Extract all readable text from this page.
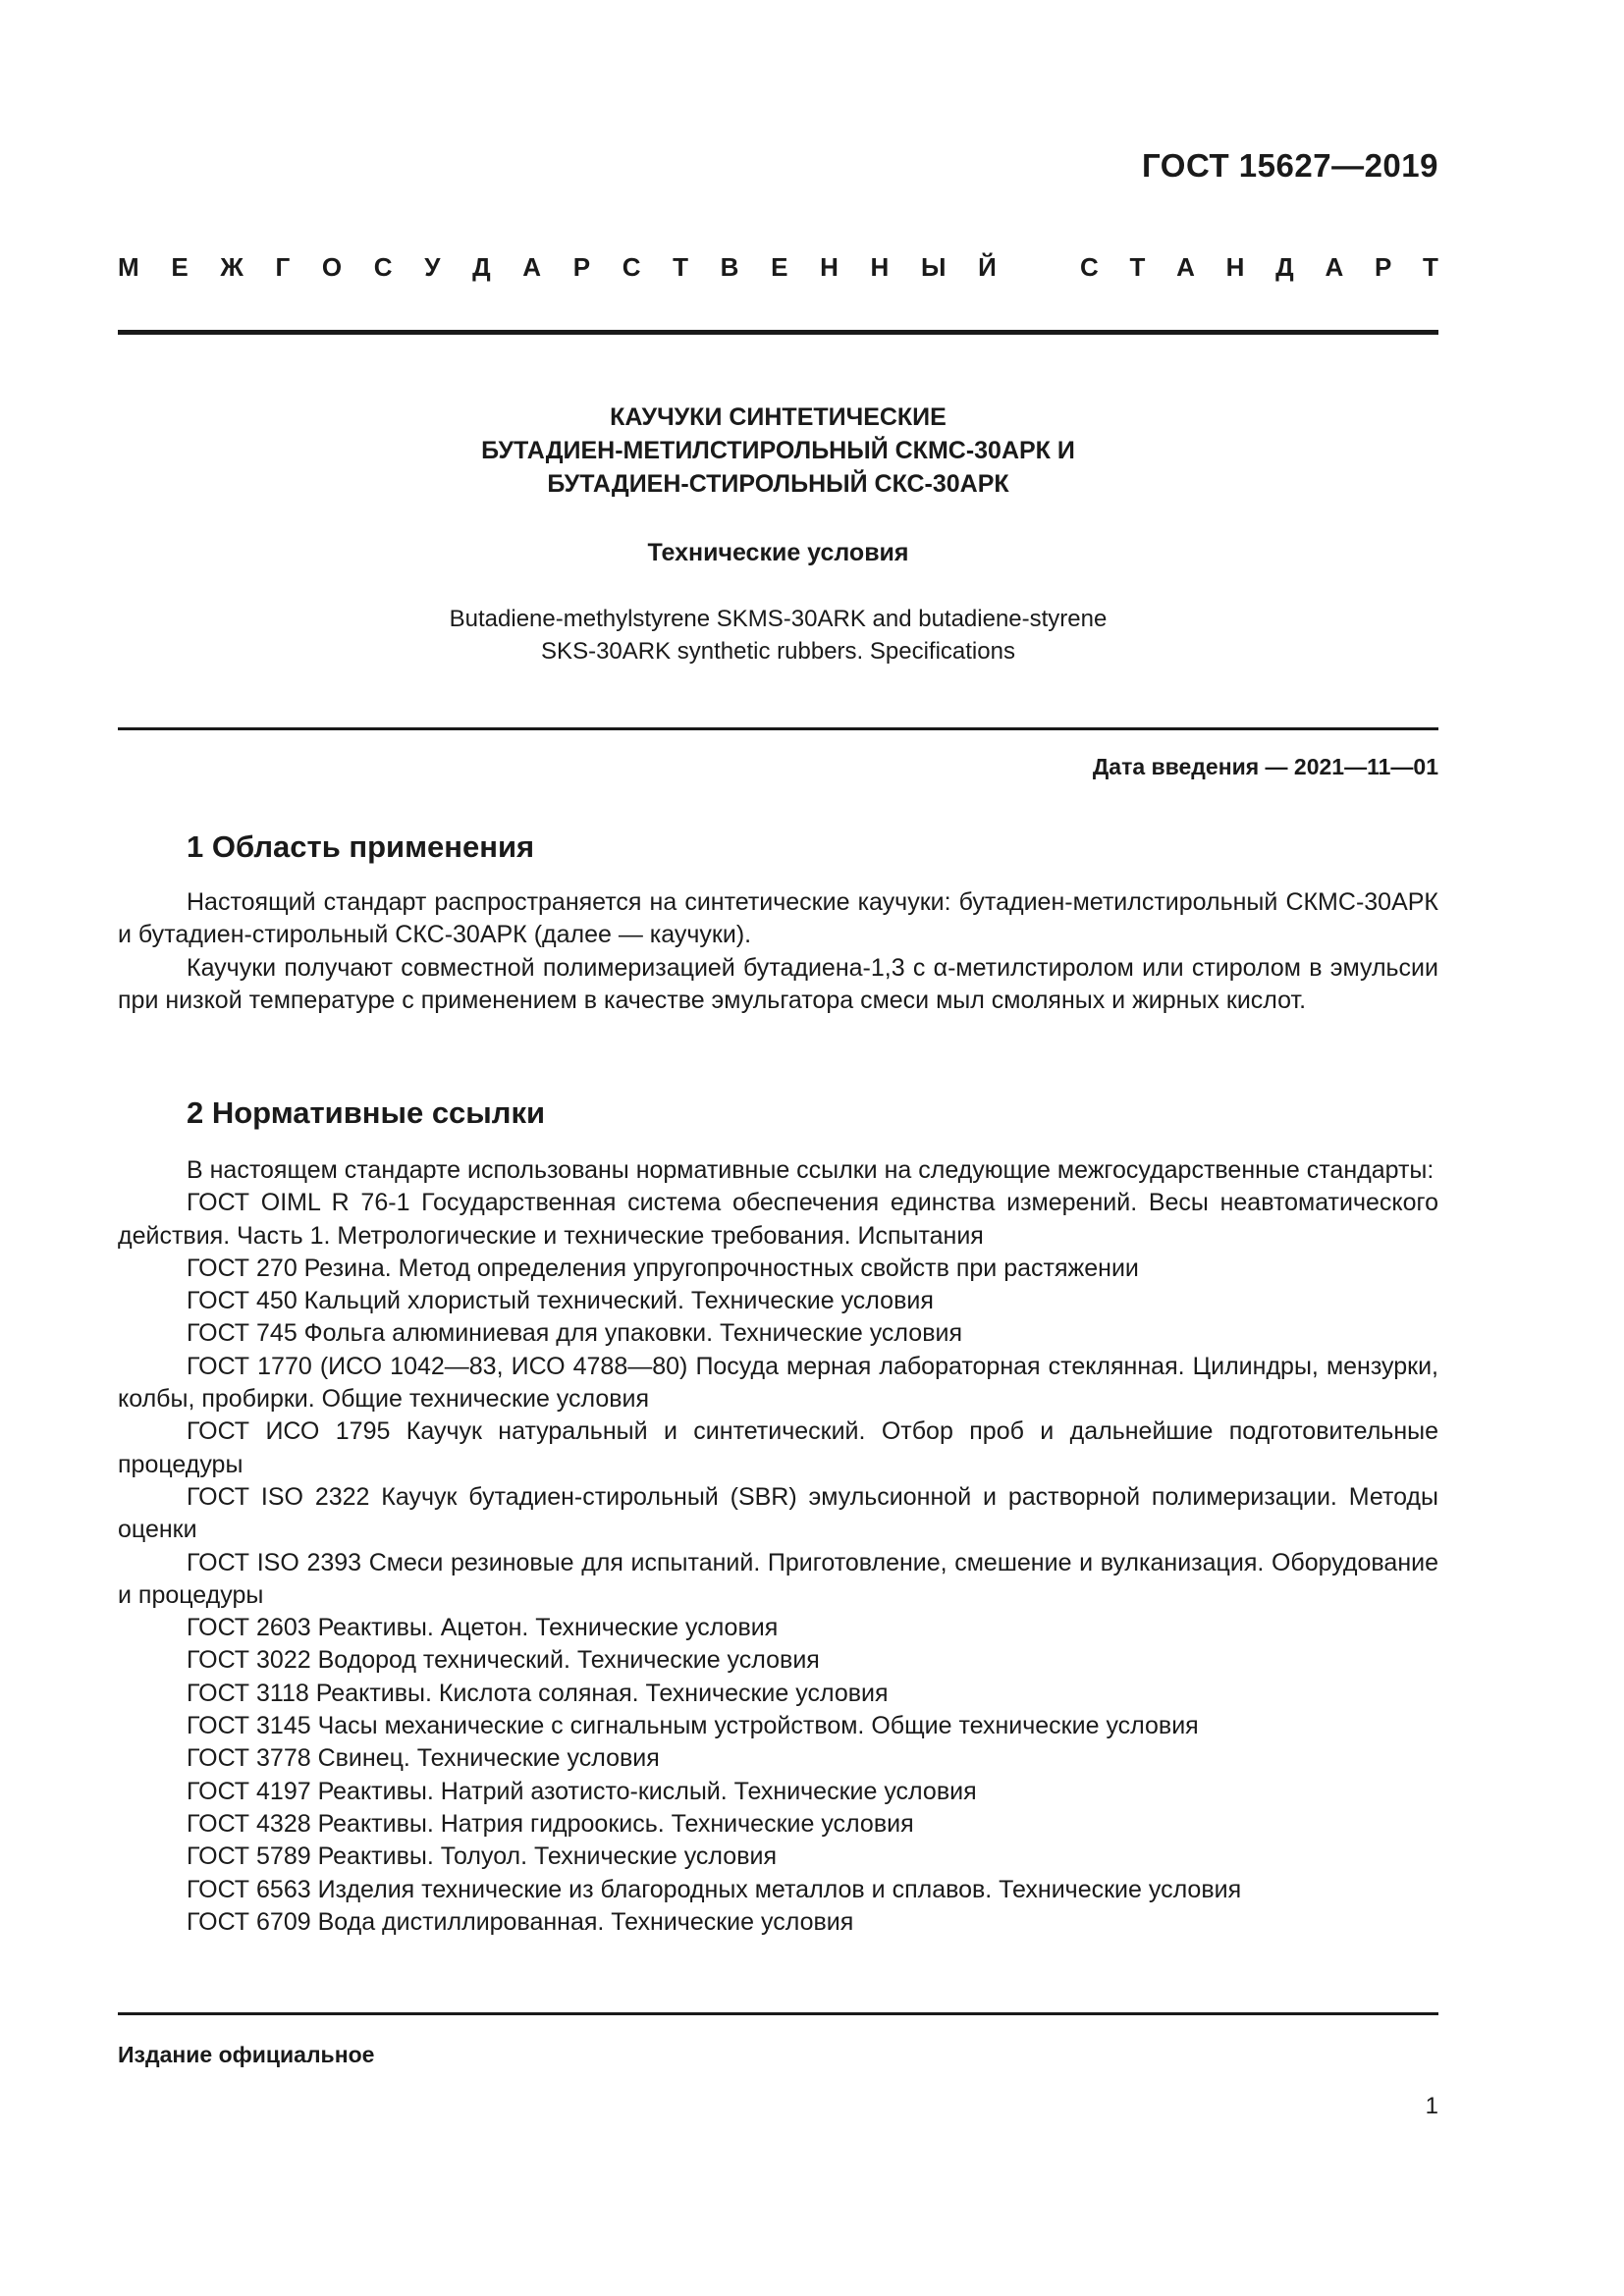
ГОСТ 15627—2019
М Е Ж Г О С У Д А Р С Т В Е Н Н Ы Й	С Т А Н Д А Р Т

КАУЧУКИ СИНТЕТИЧЕСКИЕ

БУТАДИЕН-МЕТИЛСТИРОЛЬНЫЙ СКМС-30АРК И

БУТАДИЕН-СТИРОЛЬНЫЙ СКС-30АРК

Технические условия

Butadiene-methylstyrene SKMS-30ARK and butadiene-styrene
SKS-30ARK synthetic rubbers. Specifications

Дата введения — 2021—11—01
1 Область применения

Настоящий стандарт распространяется на синтетические каучуки: бутадиен-метилстирольный СКМС-30АРК и бутадиен-стирольный СКС-30АРК (далее — каучуки).

Каучуки получают совместной полимеризацией бутадиена-1,3 с α-метилстиролом или стиролом в эмульсии при низкой температуре с применением в качестве эмульгатора смеси мыл смоляных и жирных кислот.

2 Нормативные ссылки

В настоящем стандарте использованы нормативные ссылки на следующие межгосударственные стандарты:

ГОСТ OIML R 76-1 Государственная система обеспечения единства измерений. Весы неавтоматического действия. Часть 1. Метрологические и технические требования. Испытания

ГОСТ 270 Резина. Метод определения упругопрочностных свойств при растяжении

ГОСТ 450 Кальций хлористый технический. Технические условия

ГОСТ 745 Фольга алюминиевая для упаковки. Технические условия

ГОСТ 1770 (ИСО 1042—83, ИСО 4788—80) Посуда мерная лабораторная стеклянная. Цилиндры, мензурки, колбы, пробирки. Общие технические условия

ГОСТ ИСО 1795 Каучук натуральный и синтетический. Отбор проб и дальнейшие подготовительные процедуры

ГОСТ ISO 2322 Каучук бутадиен-стирольный (SBR) эмульсионной и растворной полимеризации. Методы оценки

ГОСТ ISO 2393 Смеси резиновые для испытаний. Приготовление, смешение и вулканизация. Оборудование и процедуры

ГОСТ 2603 Реактивы. Ацетон. Технические условия

ГОСТ 3022 Водород технический. Технические условия

ГОСТ 3118 Реактивы. Кислота соляная. Технические условия

ГОСТ 3145 Часы механические с сигнальным устройством. Общие технические условия

ГОСТ 3778 Свинец. Технические условия

ГОСТ 4197 Реактивы. Натрий азотисто-кислый. Технические условия

ГОСТ 4328 Реактивы. Натрия гидроокись. Технические условия

ГОСТ 5789 Реактивы. Толуол. Технические условия

ГОСТ 6563 Изделия технические из благородных металлов и сплавов. Технические условия

ГОСТ 6709 Вода дистиллированная. Технические условия

Издание официальное
1
